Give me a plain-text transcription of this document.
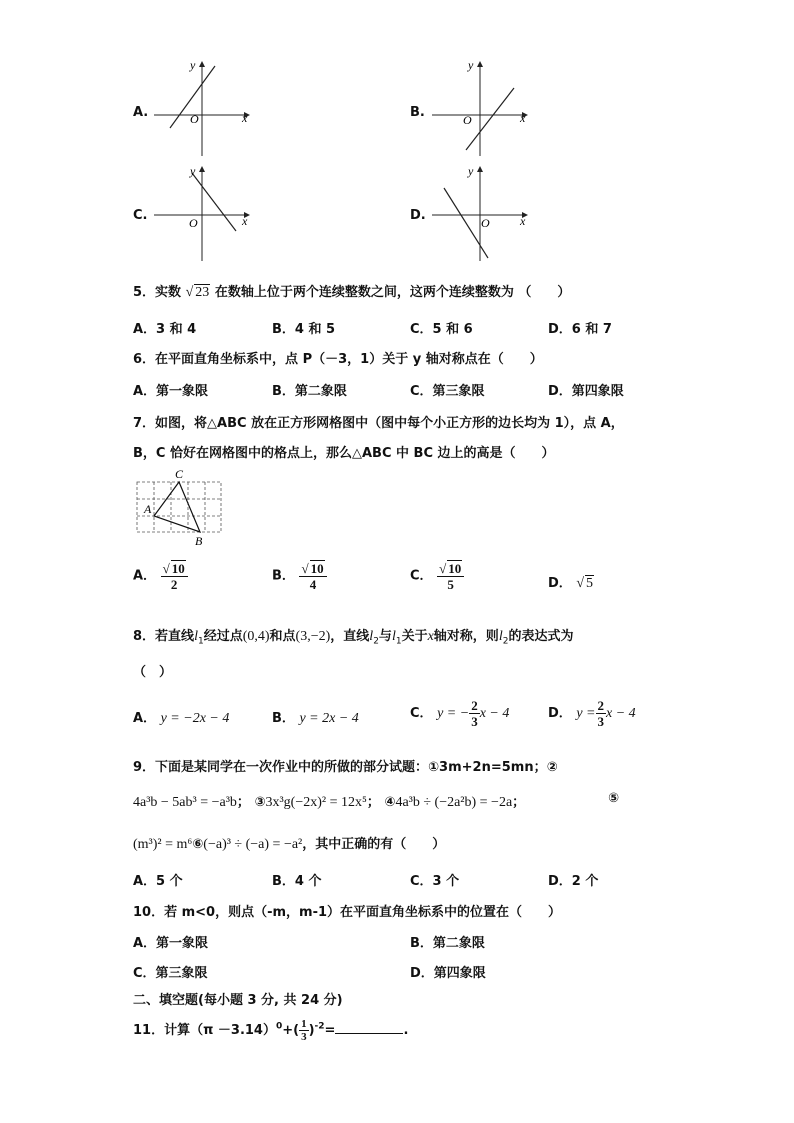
A.	x
y
O	B.	x
y
O
C.	x
y
O	D.	x
y
O
5．实数 √ 23 在数轴上位于两个连续整数之间，这两个连续整数为 （　　）
A．3 和 4	B．4 和 5	C．5 和 6	D．6 和 7
6．在平面直角坐标系中，点 P（－3，1）关于 y 轴对称点在（　　）
A．第一象限	B．第二象限	C．第三象限	D．第四象限
7．如图，将△ABC 放在正方形网格图中（图中每个小正方形的边长均为 1），点 A，
B，C 恰好在网格图中的格点上，那么△ABC 中 BC 边上的高是（　　）
C
A
B
A． $\frac{√ 10}{2}$	B． $\frac{√ 10}{4}$	C． $\frac{√ 10}{5}$	D． √ 5
8．若直线$l_1$经过点(0,4)和点(3,−2)，直线$l_2$与$l_1$关于x轴对称，则$l_2$的表达式为
（　）
A． y = −2x − 4	B． y = 2x − 4	C． y = − $\frac{2}{3}$ x − 4	D． $y = \frac{2}{3}$ x − 4
9．下面是某同学在一次作业中的所做的部分试题：①3m+2n=5mn；②
4a³b − 5ab³ = −a³b； ③3x³g(−2x)² = 12x⁵； ④4a³b ÷ (−2a²b) = −2a；	⑤
(m³)² = m⁶⑥(−a)³ ÷ (−a) = −a²，其中正确的有（　　）
A．5 个	B．4 个	C．3 个	D．2 个
10．若 m<0，则点（-m，m-1）在平面直角坐标系中的位置在（　　）
A．第一象限	B．第二象限
C．第三象限	D．第四象限
二、填空题(每小题 3 分, 共 24 分)
11．计算$(\pi -3.14)^0+( \frac{1}{3} )^{-2}=$	.
